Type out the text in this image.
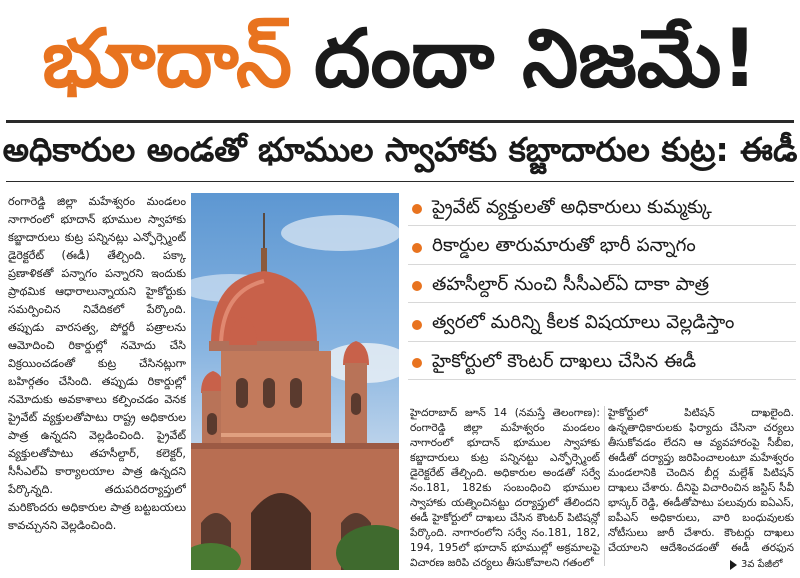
భూదాన్ దందా నిజమే!
అధికారుల అండతో భూముల స్వాహాకు కబ్జాదారుల కుట్ర: ఈడీ

రంగారెడ్డి జిల్లా మహేశ్వరం మండలం నాగారంలో భూదాన్ భూముల స్వాహాకు కబ్జాదారులు కుట్ర పన్నినట్లు ఎన్ఫోర్స్మెంట్ డైరెక్టరేట్ (ఈడీ) తేల్చింది. పక్కా ప్రణాళికతో పన్నాగం పన్నారని ఇందుకు ప్రాథమిక ఆధారాలున్నాయని హైకోర్టుకు సమర్పించిన నివేదికలో పేర్కొంది. తప్పుడు వారసత్వ, పోర్జరీ పత్రాలను ఆమోదించి రికార్డుల్లో నమోదు చేసి విక్రయించడంతో కుట్ర చేసినట్లుగా బహిర్గతం చేసింది. తప్పుడు రికార్డుల్లో నమోదుకు అవకాశాలు కల్పించడం వెనక ప్రైవేట్ వ్యక్తులతోపాటు రాష్ట్ర అధికారుల పాత్ర ఉన్నదని వెల్లడించింది. ప్రైవేట్ వ్యక్తులతోపాటు తహసీల్దార్, కలెక్టర్, సీసీఎల్ఏ కార్యాలయాల పాత్ర ఉన్నదని పేర్కొన్నది. తదుపరిదర్యాప్తులో మరికొందరు అధికారుల పాత్ర బట్టబయలు కావచ్చునని వెల్లడించింది.

ప్రైవేట్ వ్యక్తులతో అధికారులు కుమ్మక్కు
రికార్డుల తారుమారుతో భారీ పన్నాగం
తహసీల్దార్ నుంచి సీసీఎల్ఏ దాకా పాత్ర
త్వరలో మరిన్ని కీలక విషయాలు వెల్లడిస్తాం
హైకోర్టులో కౌంటర్ దాఖలు చేసిన ఈడీ

హైదరాబాద్ జూన్ 14 (నమస్తే తెలంగాణ): రంగారెడ్డి జిల్లా మహేశ్వరం మండలం నాగారంలో భూదాన్ భూముల స్వాహాకు కబ్జాదారులు కుట్ర పన్నినట్టు ఎన్ఫోర్స్మెంట్ డైరెక్టరేట్ తేల్చింది. అధికారుల అండతో సర్వే నం.181, 182కు సంబంధించి భూముల స్వాహాకు యత్నించినట్టు దర్యాప్తులో తేలిందని ఈడీ హైకోర్టులో దాఖలు చేసిన కౌంటర్ పిటిషన్లో పేర్కొంది. నాగారంలోని సర్వే నం.181, 182, 194, 195లో భూదాన్ భూముల్లో అక్రమాలపై విచారణ జరిపి చర్యలు తీసుకోవాలని గతంలో

హైకోర్టులో పిటిషన్ దాఖలైంది. ఉన్నతాధికారులకు ఫిర్యాదు చేసినా చర్యలు తీసుకోవడం లేదని ఆ వ్యవహారంపై సీబీఐ, ఈడీతో దర్యాప్తు జరిపించాలంటూ మహేశ్వరం మండలానికి చెందిన బీర్ల మల్లేశ్ పిటిషన్ దాఖలు చేశారు. దీనిపై విచారించిన జస్టిస్ సీవీ భాస్కర్ రెడ్డి, ఈడీతోపాటు పలువురు ఐఏఎస్, ఐపీఎస్ అధికారులు, వారి బంధువులకు నోటీసులు జారీ చేశారు. కౌంటర్లు దాఖలు చేయాలని ఆదేశించడంతో ఈడీ తరఫున

3వ పేజీలో
